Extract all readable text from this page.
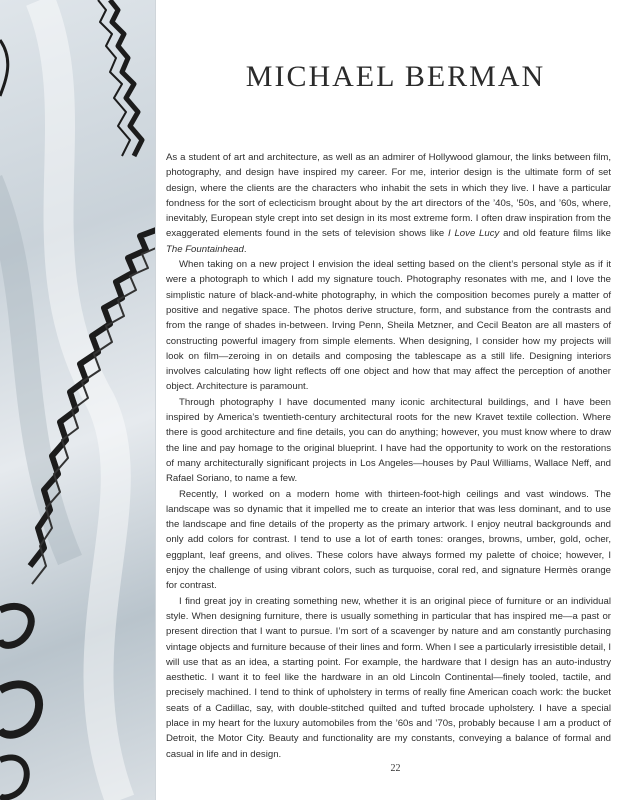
MICHAEL BERMAN

As a student of art and architecture, as well as an admirer of Hollywood glamour, the links between film, photography, and design have inspired my career. For me, interior design is the ultimate form of set design, where the clients are the characters who inhabit the sets in which they live. I have a particular fondness for the sort of eclecticism brought about by the art directors of the ’40s, ’50s, and ’60s, where, inevitably, European style crept into set design in its most extreme form. I often draw inspiration from the exaggerated elements found in the sets of television shows like I Love Lucy and old feature films like The Fountainhead.

When taking on a new project I envision the ideal setting based on the client’s personal style as if it were a photograph to which I add my signature touch. Photography resonates with me, and I love the simplistic nature of black-and-white photography, in which the composition becomes purely a matter of positive and negative space. The photos derive structure, form, and substance from the contrasts and from the range of shades in-between. Irving Penn, Sheila Metzner, and Cecil Beaton are all masters of constructing powerful imagery from simple elements. When designing, I consider how my projects will look on film—zeroing in on details and composing the tablescape as a still life. Designing interiors involves calculating how light reflects off one object and how that may affect the perception of another object. Architecture is paramount.

Through photography I have documented many iconic architectural buildings, and I have been inspired by America’s twentieth-century architectural roots for the new Kravet textile collection. Where there is good architecture and fine details, you can do anything; however, you must know where to draw the line and pay homage to the original blueprint. I have had the opportunity to work on the restorations of many architecturally significant projects in Los Angeles—houses by Paul Williams, Wallace Neff, and Rafael Soriano, to name a few.

Recently, I worked on a modern home with thirteen-foot-high ceilings and vast windows. The landscape was so dynamic that it impelled me to create an interior that was less dominant, and to use the landscape and fine details of the property as the primary artwork. I enjoy neutral backgrounds and only add colors for contrast. I tend to use a lot of earth tones: oranges, browns, umber, gold, ocher, eggplant, leaf greens, and olives. These colors have always formed my palette of choice; however, I enjoy the challenge of using vibrant colors, such as turquoise, coral red, and signature Hermès orange for contrast.

I find great joy in creating something new, whether it is an original piece of furniture or an individual style. When designing furniture, there is usually something in particular that has inspired me—a past or present direction that I want to pursue. I’m sort of a scavenger by nature and am constantly purchasing vintage objects and furniture because of their lines and form. When I see a particularly irresistible detail, I will use that as an idea, a starting point. For example, the hardware that I design has an auto-industry aesthetic. I want it to feel like the hardware in an old Lincoln Continental—finely tooled, tactile, and precisely machined. I tend to think of upholstery in terms of really fine American coach work: the bucket seats of a Cadillac, say, with double-stitched quilted and tufted brocade upholstery. I have a special place in my heart for the luxury automobiles from the ’60s and ’70s, probably because I am a product of Detroit, the Motor City. Beauty and functionality are my constants, conveying a balance of formal and casual in life and in design.

22
